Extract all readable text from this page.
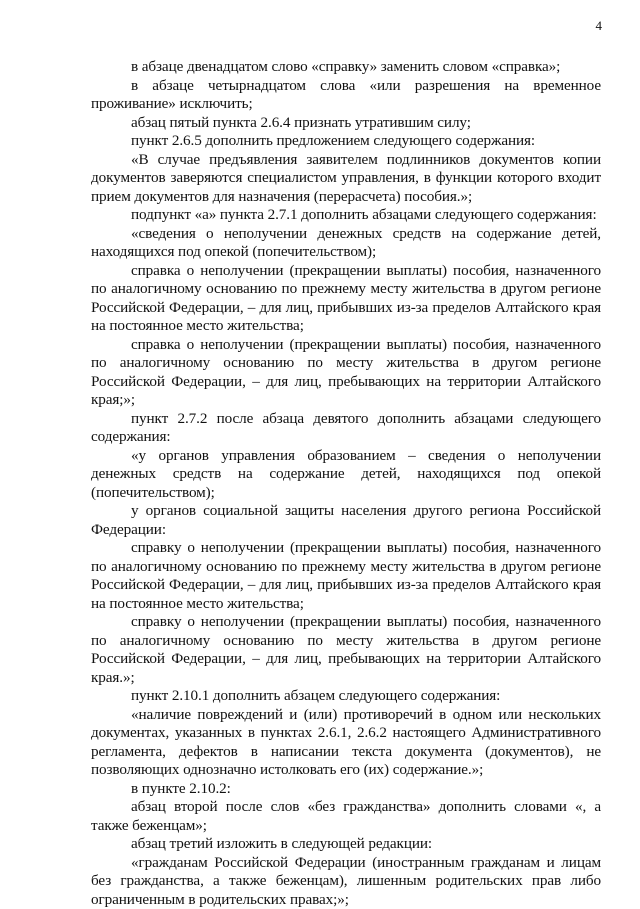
4

в абзаце двенадцатом слово «справку» заменить словом «справка»;

в абзаце четырнадцатом слова «или разрешения на временное проживание» исключить;

абзац пятый пункта 2.6.4 признать утратившим силу;

пункт 2.6.5 дополнить предложением следующего содержания:

«В случае предъявления заявителем подлинников документов копии документов заверяются специалистом управления, в функции которого входит прием документов для назначения (перерасчета) пособия.»;

подпункт «а» пункта 2.7.1 дополнить абзацами следующего содержания:

«сведения о неполучении денежных средств на содержание детей, находящихся под опекой (попечительством);

справка о неполучении (прекращении выплаты) пособия, назначенного по аналогичному основанию по прежнему месту жительства в другом регионе Российской Федерации, – для лиц, прибывших из-за пределов Алтайского края на постоянное место жительства;

справка о неполучении (прекращении выплаты) пособия, назначенного по аналогичному основанию по месту жительства в другом регионе Российской Федерации, – для лиц, пребывающих на территории Алтайского края;»;

пункт 2.7.2 после абзаца девятого дополнить абзацами следующего содержания:

«у органов управления образованием – сведения о неполучении денежных средств на содержание детей, находящихся под опекой (попечительством);

у органов социальной защиты населения другого региона Российской Федерации:

справку о неполучении (прекращении выплаты) пособия, назначенного по аналогичному основанию по прежнему месту жительства в другом регионе Российской Федерации, – для лиц, прибывших из-за пределов Алтайского края на постоянное место жительства;

справку о неполучении (прекращении выплаты) пособия, назначенного по аналогичному основанию по месту жительства в другом регионе Российской Федерации, – для лиц, пребывающих на территории Алтайского края.»;

пункт 2.10.1 дополнить абзацем следующего содержания:

«наличие повреждений и (или) противоречий в одном или нескольких документах, указанных в пунктах 2.6.1, 2.6.2 настоящего Административного регламента, дефектов в написании текста документа (документов), не позволяющих однозначно истолковать его (их) содержание.»;

в пункте 2.10.2:

абзац второй после слов «без гражданства» дополнить словами «, а также беженцам»;

абзац третий изложить в следующей редакции:

«гражданам Российской Федерации (иностранным гражданам и лицам без гражданства, а также беженцам), лишенным родительских прав либо ограниченным в родительских правах;»;
